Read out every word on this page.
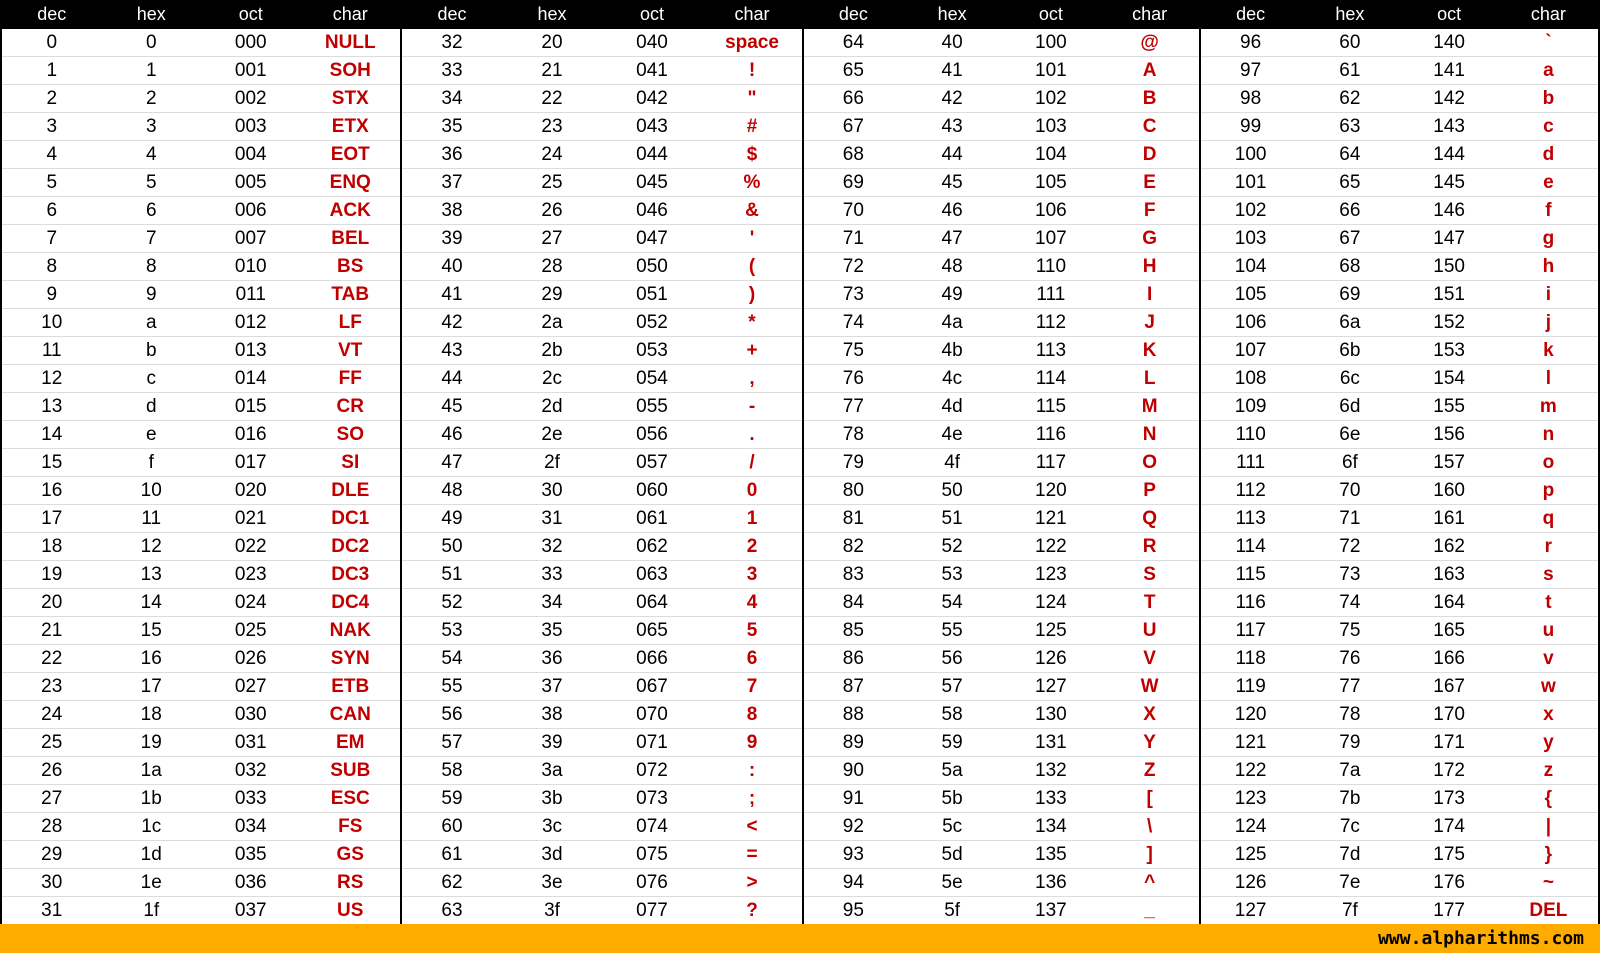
dec	hex	oct	char
0	0	000	NULL
1	1	001	SOH
2	2	002	STX
3	3	003	ETX
4	4	004	EOT
5	5	005	ENQ
6	6	006	ACK
7	7	007	BEL
8	8	010	BS
9	9	011	TAB
10	a	012	LF
11	b	013	VT
12	c	014	FF
13	d	015	CR
14	e	016	SO
15	f	017	SI
16	10	020	DLE
17	11	021	DC1
18	12	022	DC2
19	13	023	DC3
20	14	024	DC4
21	15	025	NAK
22	16	026	SYN
23	17	027	ETB
24	18	030	CAN
25	19	031	EM
26	1a	032	SUB
27	1b	033	ESC
28	1c	034	FS
29	1d	035	GS
30	1e	036	RS
31	1f	037	US
dec	hex	oct	char
32	20	040	space
33	21	041	!
34	22	042	"
35	23	043	#
36	24	044	$
37	25	045	%
38	26	046	&
39	27	047	'
40	28	050	(
41	29	051	)
42	2a	052	*
43	2b	053	+
44	2c	054	,
45	2d	055	-
46	2e	056	.
47	2f	057	/
48	30	060	0
49	31	061	1
50	32	062	2
51	33	063	3
52	34	064	4
53	35	065	5
54	36	066	6
55	37	067	7
56	38	070	8
57	39	071	9
58	3a	072	:
59	3b	073	;
60	3c	074	<
61	3d	075	=
62	3e	076	>
63	3f	077	?
dec	hex	oct	char
64	40	100	@
65	41	101	A
66	42	102	B
67	43	103	C
68	44	104	D
69	45	105	E
70	46	106	F
71	47	107	G
72	48	110	H
73	49	111	I
74	4a	112	J
75	4b	113	K
76	4c	114	L
77	4d	115	M
78	4e	116	N
79	4f	117	O
80	50	120	P
81	51	121	Q
82	52	122	R
83	53	123	S
84	54	124	T
85	55	125	U
86	56	126	V
87	57	127	W
88	58	130	X
89	59	131	Y
90	5a	132	Z
91	5b	133	[
92	5c	134	\
93	5d	135	]
94	5e	136	^
95	5f	137	_
dec	hex	oct	char
96	60	140	`
97	61	141	a
98	62	142	b
99	63	143	c
100	64	144	d
101	65	145	e
102	66	146	f
103	67	147	g
104	68	150	h
105	69	151	i
106	6a	152	j
107	6b	153	k
108	6c	154	l
109	6d	155	m
110	6e	156	n
111	6f	157	o
112	70	160	p
113	71	161	q
114	72	162	r
115	73	163	s
116	74	164	t
117	75	165	u
118	76	166	v
119	77	167	w
120	78	170	x
121	79	171	y
122	7a	172	z
123	7b	173	{
124	7c	174	|
125	7d	175	}
126	7e	176	~
127	7f	177	DEL
www.alpharithms.com
